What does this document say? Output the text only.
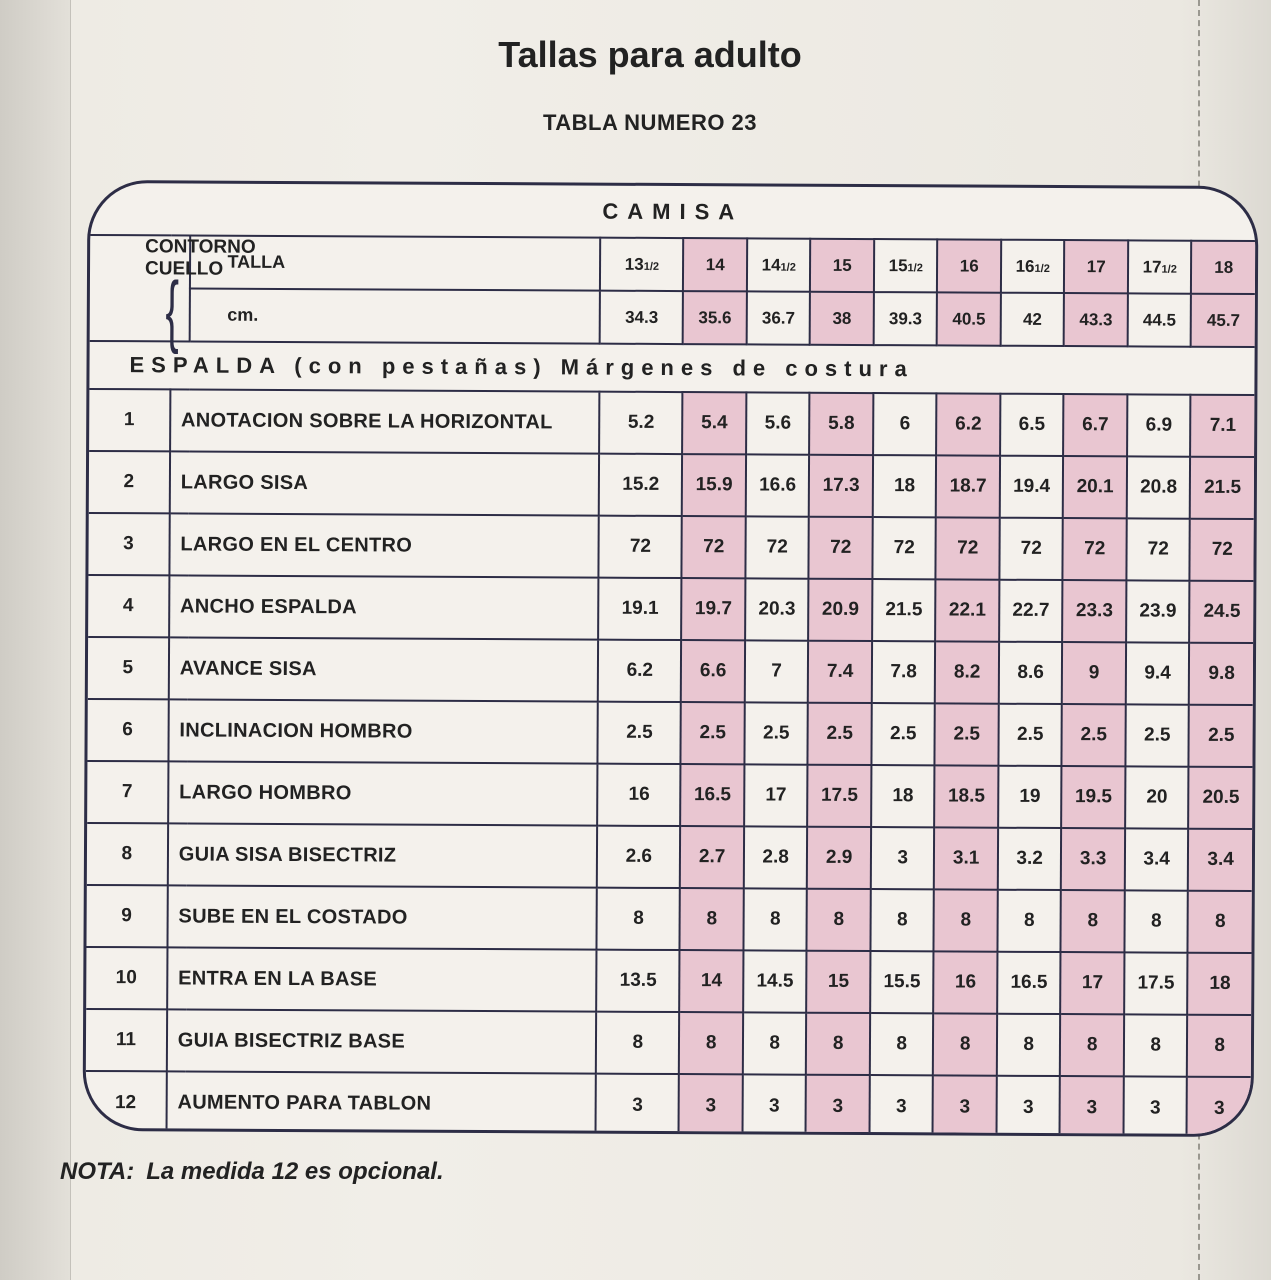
Tallas para adulto
TABLA NUMERO 23
CAMISA												
CONTORNO CUELLO{		TALLA	131/2	14	141/2	15	151/2	16	161/2	17	171/2	18
		cm.	34.3	35.6	36.7	38	39.3	40.5	42	43.3	44.5	45.7
ESPALDA (con pestañas) Márgenes de costura												
1	ANOTACION SOBRE LA HORIZONTAL		5.2	5.4	5.6	5.8	6	6.2	6.5	6.7	6.9	7.1
2	LARGO SISA		15.2	15.9	16.6	17.3	18	18.7	19.4	20.1	20.8	21.5
3	LARGO EN EL CENTRO		72	72	72	72	72	72	72	72	72	72
4	ANCHO ESPALDA		19.1	19.7	20.3	20.9	21.5	22.1	22.7	23.3	23.9	24.5
5	AVANCE SISA		6.2	6.6	7	7.4	7.8	8.2	8.6	9	9.4	9.8
6	INCLINACION HOMBRO		2.5	2.5	2.5	2.5	2.5	2.5	2.5	2.5	2.5	2.5
7	LARGO HOMBRO		16	16.5	17	17.5	18	18.5	19	19.5	20	20.5
8	GUIA SISA BISECTRIZ		2.6	2.7	2.8	2.9	3	3.1	3.2	3.3	3.4	3.4
9	SUBE EN EL COSTADO		8	8	8	8	8	8	8	8	8	8
10	ENTRA EN LA BASE		13.5	14	14.5	15	15.5	16	16.5	17	17.5	18
11	GUIA BISECTRIZ BASE		8	8	8	8	8	8	8	8	8	8
12	AUMENTO PARA TABLON		3	3	3	3	3	3	3	3	3	3
NOTA: La medida 12 es opcional.
